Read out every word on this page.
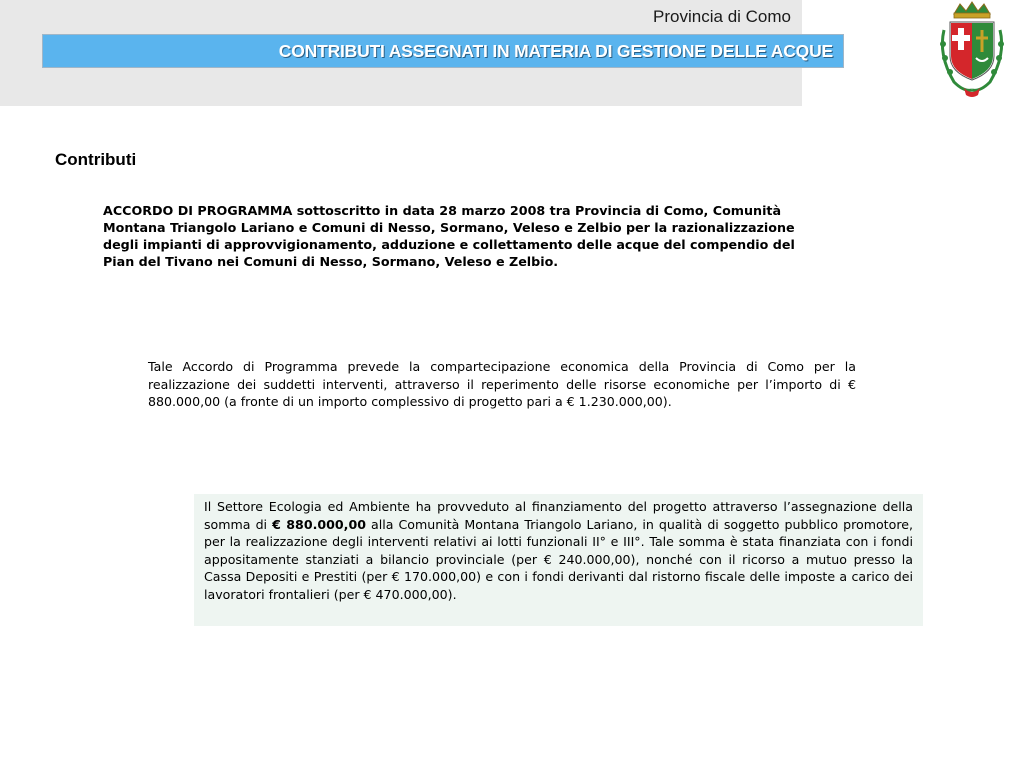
Provincia di Como
CONTRIBUTI ASSEGNATI IN MATERIA DI GESTIONE DELLE ACQUE
Contributi
ACCORDO DI PROGRAMMA sottoscritto in data 28 marzo 2008 tra Provincia di Como, Comunità Montana Triangolo Lariano e Comuni di Nesso, Sormano, Veleso e Zelbio per la razionalizzazione degli impianti di approvvigionamento, adduzione e collettamento delle acque del compendio del Pian del Tivano nei Comuni di Nesso, Sormano, Veleso e Zelbio.
Tale Accordo di Programma prevede la compartecipazione economica della Provincia di Como per la realizzazione dei suddetti interventi, attraverso il reperimento delle risorse economiche per l’importo di € 880.000,00 (a fronte di un importo complessivo di progetto pari a € 1.230.000,00).
Il Settore Ecologia ed Ambiente ha provveduto al finanziamento del progetto attraverso l’assegnazione della somma di € 880.000,00 alla Comunità Montana Triangolo Lariano, in qualità di soggetto pubblico promotore, per la realizzazione degli interventi relativi ai lotti funzionali II° e III°. Tale somma è stata finanziata con i fondi appositamente stanziati a bilancio provinciale (per € 240.000,00), nonché con il ricorso a mutuo presso la Cassa Depositi e Prestiti (per € 170.000,00) e con i fondi derivanti dal ristorno fiscale delle imposte a carico dei lavoratori frontalieri (per € 470.000,00).
